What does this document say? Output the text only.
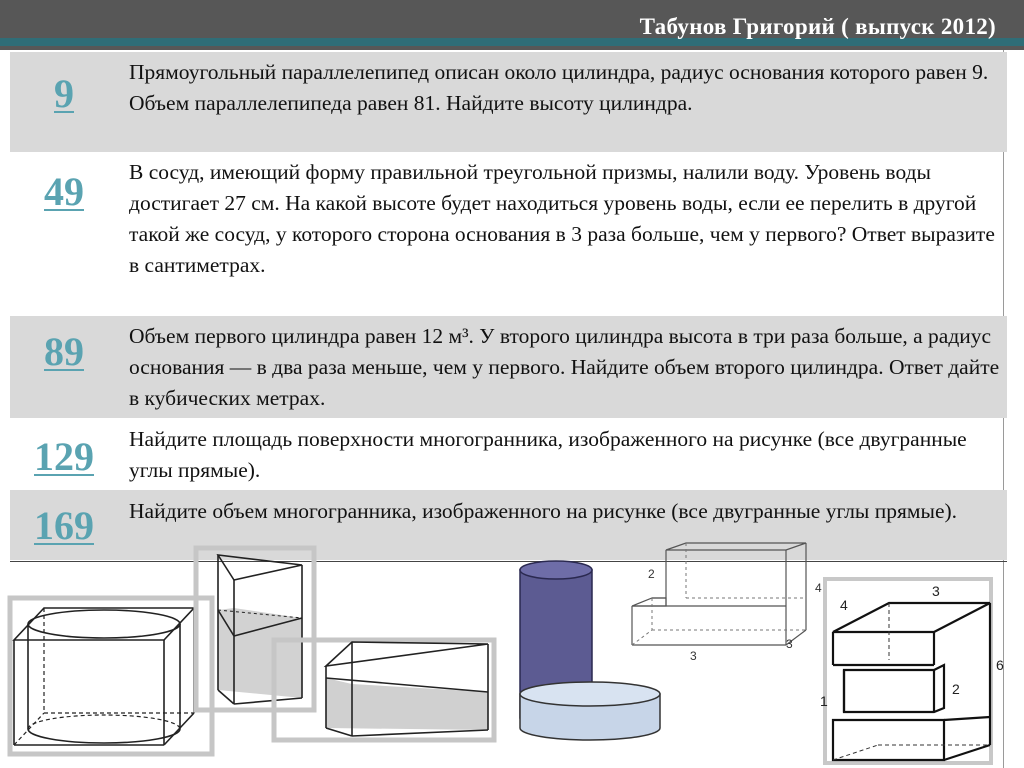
Табунов Григорий ( выпуск 2012)
9	Прямоугольный параллелепипед описан около цилиндра, радиус основания которого равен 9. Объем параллелепипеда равен 81. Найдите высоту цилиндра.
49	В сосуд, имеющий форму правильной треугольной призмы, налили воду. Уровень воды достигает 27 см. На какой высоте будет находиться уровень воды, если ее перелить в другой такой же сосуд, у которого сторона основания в 3 раза больше, чем у первого? Ответ выразите в сантиметрах.
89	Объем первого цилиндра равен 12 м³. У второго цилиндра высота в три раза больше, а радиус основания — в два раза меньше, чем у первого. Найдите объем второго цилиндра. Ответ дайте в кубических метрах.
129	Найдите площадь поверхности многогранника, изображенного на рисунке (все двугранные углы прямые).
169	Найдите объем многогранника, изображенного на рисунке (все двугранные углы прямые).
2
4
3
3
3
4
6
1
2
